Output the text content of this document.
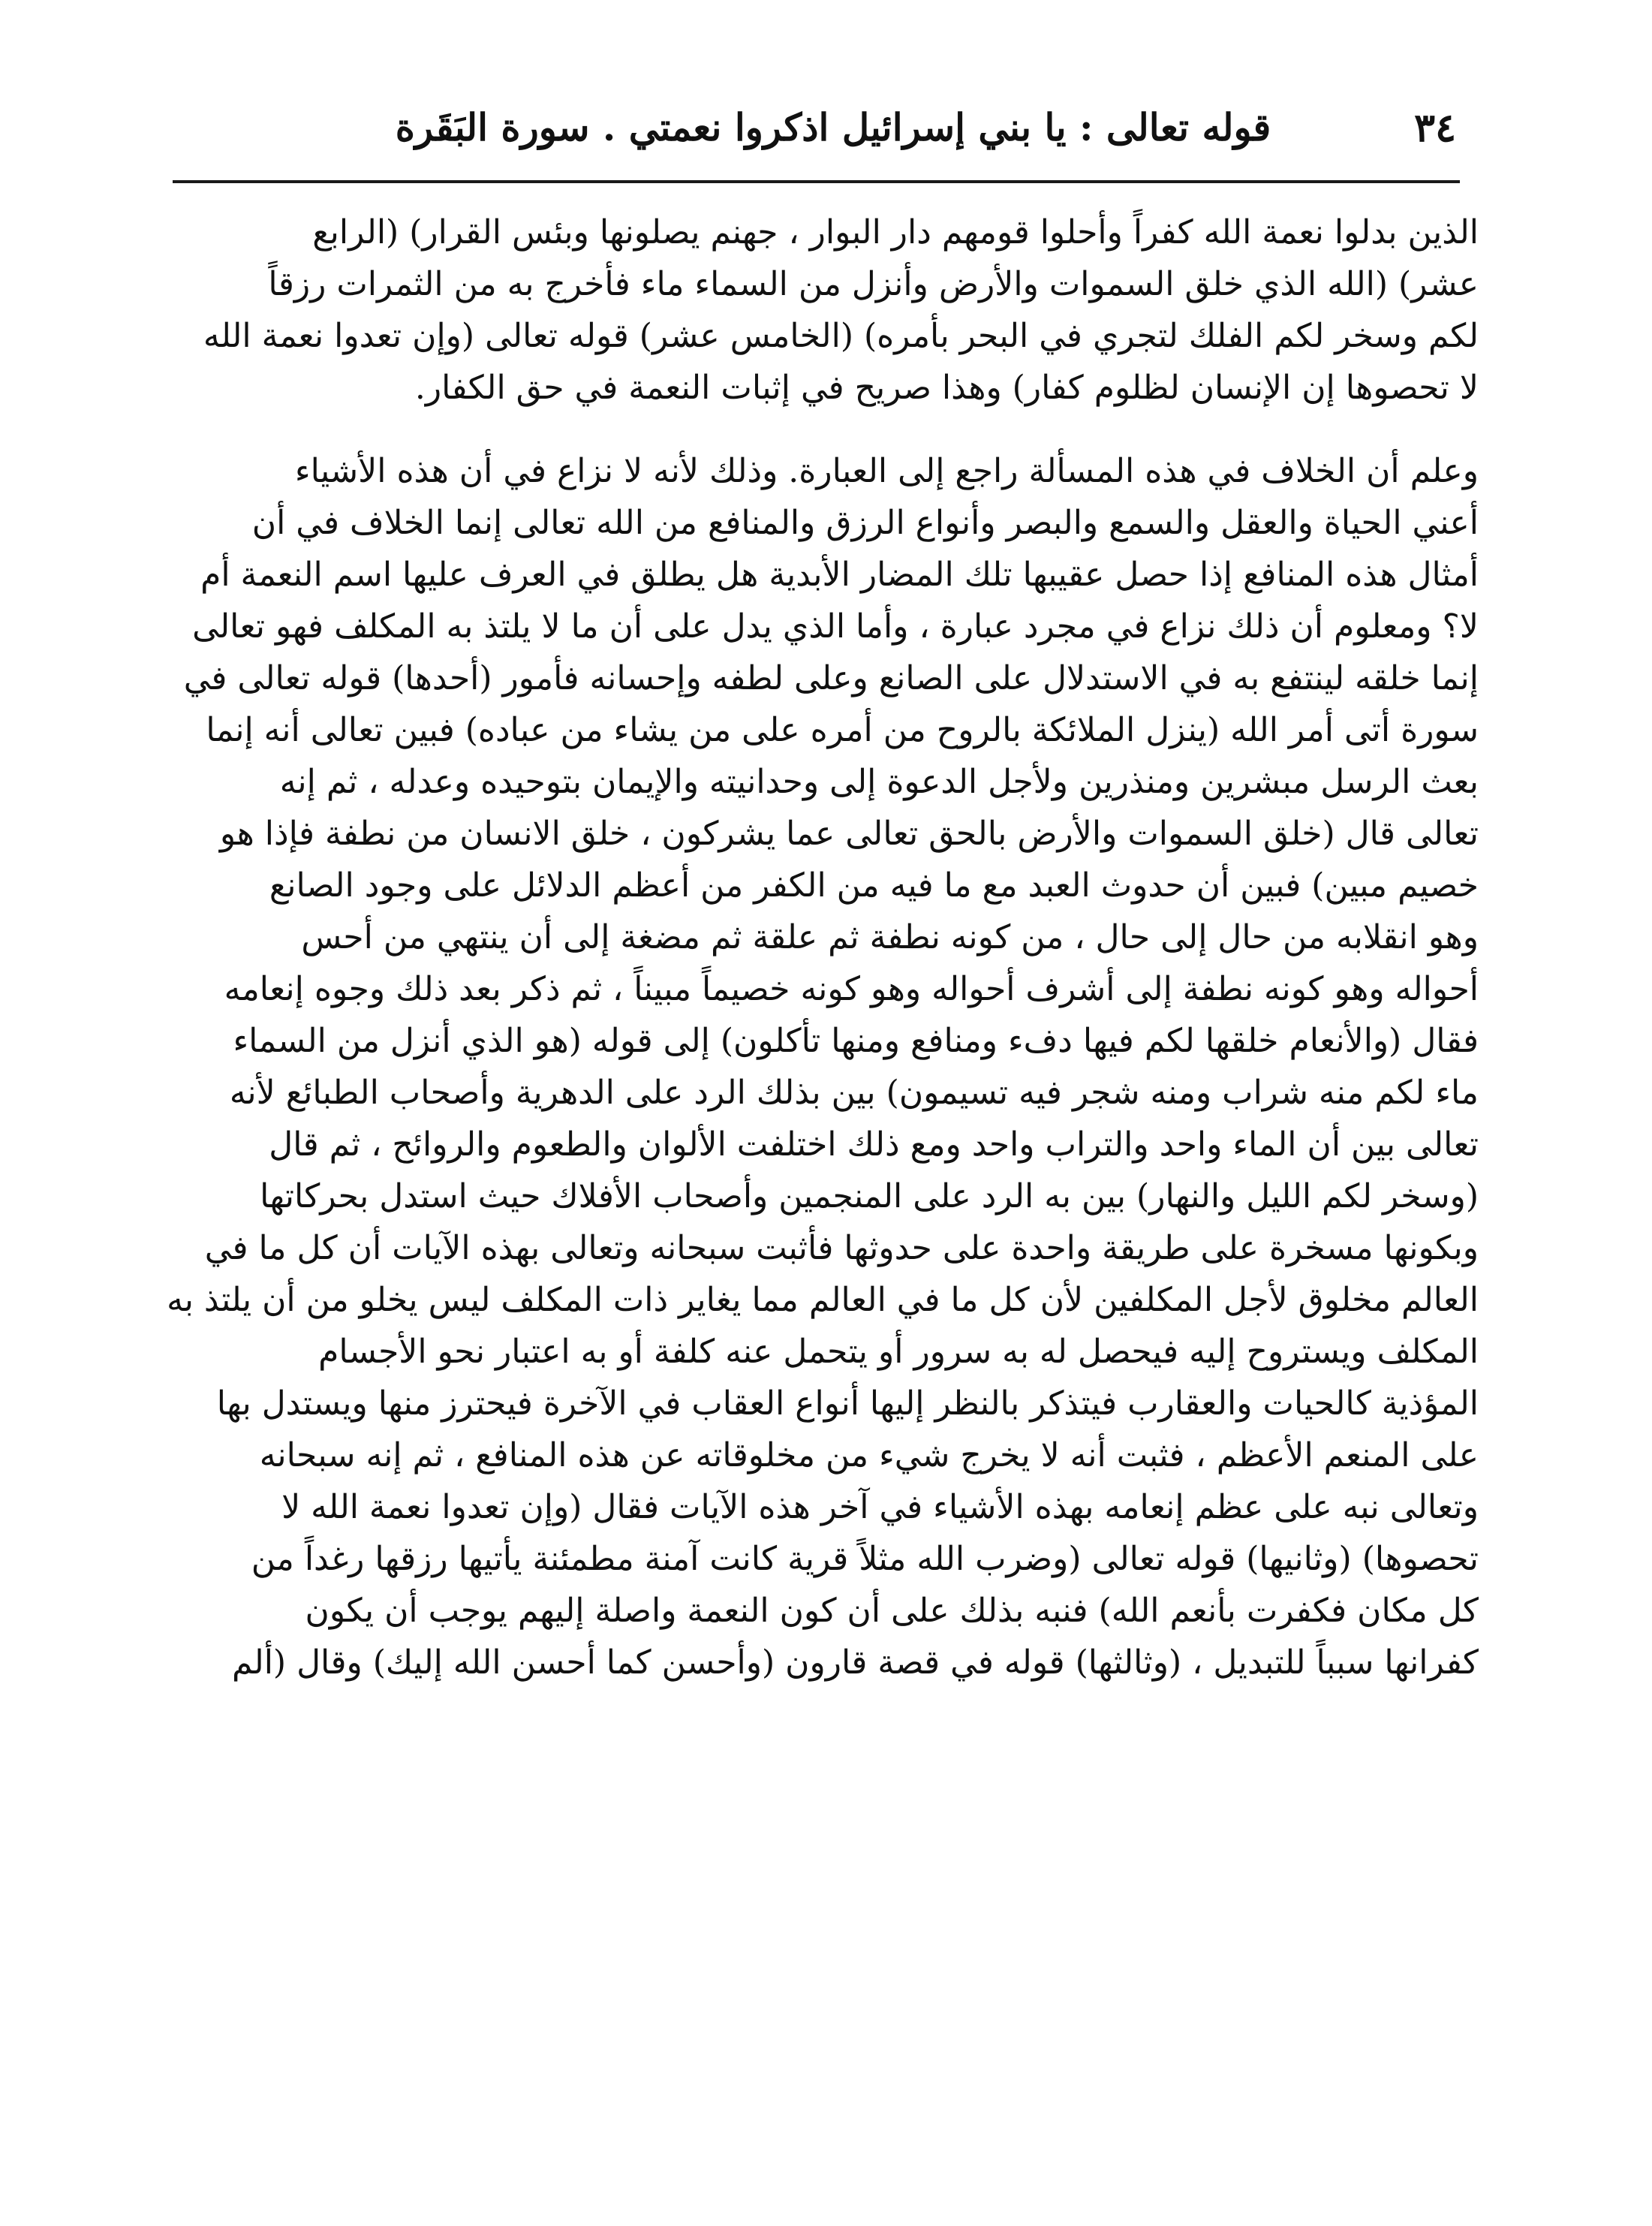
٣٤
قوله تعالى : يا بني إسرائيل اذكروا نعمتي . سورة البَقَرة
الذين بدلوا نعمة الله كفراً وأحلوا قومهم دار البوار ، جهنم يصلونها وبئس القرار) (الرابع
عشر) (الله الذي خلق السموات والأرض وأنزل من السماء ماء فأخرج به من الثمرات رزقاً
لكم وسخر لكم الفلك لتجري في البحر بأمره) (الخامس عشر) قوله تعالى (وإن تعدوا نعمة الله
لا تحصوها إن الإنسان لظلوم كفار) وهذا صريح في إثبات النعمة في حق الكفار.
وعلم أن الخلاف في هذه المسألة راجع إلى العبارة. وذلك لأنه لا نزاع في أن هذه الأشياء
أعني الحياة والعقل والسمع والبصر وأنواع الرزق والمنافع من الله تعالى إنما الخلاف في أن
أمثال هذه المنافع إذا حصل عقيبها تلك المضار الأبدية هل يطلق في العرف عليها اسم النعمة أم
لا؟ ومعلوم أن ذلك نزاع في مجرد عبارة ، وأما الذي يدل على أن ما لا يلتذ به المكلف فهو تعالى
إنما خلقه لينتفع به في الاستدلال على الصانع وعلى لطفه وإحسانه فأمور (أحدها) قوله تعالى في
سورة أتى أمر الله (ينزل الملائكة بالروح من أمره على من يشاء من عباده) فبين تعالى أنه إنما
بعث الرسل مبشرين ومنذرين ولأجل الدعوة إلى وحدانيته والإيمان بتوحيده وعدله ، ثم إنه
تعالى قال (خلق السموات والأرض بالحق تعالى عما يشركون ، خلق الانسان من نطفة فإذا هو
خصيم مبين) فبين أن حدوث العبد مع ما فيه من الكفر من أعظم الدلائل على وجود الصانع
وهو انقلابه من حال إلى حال ، من كونه نطفة ثم علقة ثم مضغة إلى أن ينتهي من أحس
أحواله وهو كونه نطفة إلى أشرف أحواله وهو كونه خصيماً مبيناً ، ثم ذكر بعد ذلك وجوه إنعامه
فقال (والأنعام خلقها لكم فيها دفء ومنافع ومنها تأكلون) إلى قوله (هو الذي أنزل من السماء
ماء لكم منه شراب ومنه شجر فيه تسيمون) بين بذلك الرد على الدهرية وأصحاب الطبائع لأنه
تعالى بين أن الماء واحد والتراب واحد ومع ذلك اختلفت الألوان والطعوم والروائح ، ثم قال
(وسخر لكم الليل والنهار) بين به الرد على المنجمين وأصحاب الأفلاك حيث استدل بحركاتها
وبكونها مسخرة على طريقة واحدة على حدوثها فأثبت سبحانه وتعالى بهذه الآيات أن كل ما في
العالم مخلوق لأجل المكلفين لأن كل ما في العالم مما يغاير ذات المكلف ليس يخلو من أن يلتذ به
المكلف ويستروح إليه فيحصل له به سرور أو يتحمل عنه كلفة أو به اعتبار نحو الأجسام
المؤذية كالحيات والعقارب فيتذكر بالنظر إليها أنواع العقاب في الآخرة فيحترز منها ويستدل بها
على المنعم الأعظم ، فثبت أنه لا يخرج شيء من مخلوقاته عن هذه المنافع ، ثم إنه سبحانه
وتعالى نبه على عظم إنعامه بهذه الأشياء في آخر هذه الآيات فقال (وإن تعدوا نعمة الله لا
تحصوها) (وثانيها) قوله تعالى (وضرب الله مثلاً قرية كانت آمنة مطمئنة يأتيها رزقها رغداً من
كل مكان فكفرت بأنعم الله) فنبه بذلك على أن كون النعمة واصلة إليهم يوجب أن يكون
كفرانها سبباً للتبديل ، (وثالثها) قوله في قصة قارون (وأحسن كما أحسن الله إليك) وقال (ألم
